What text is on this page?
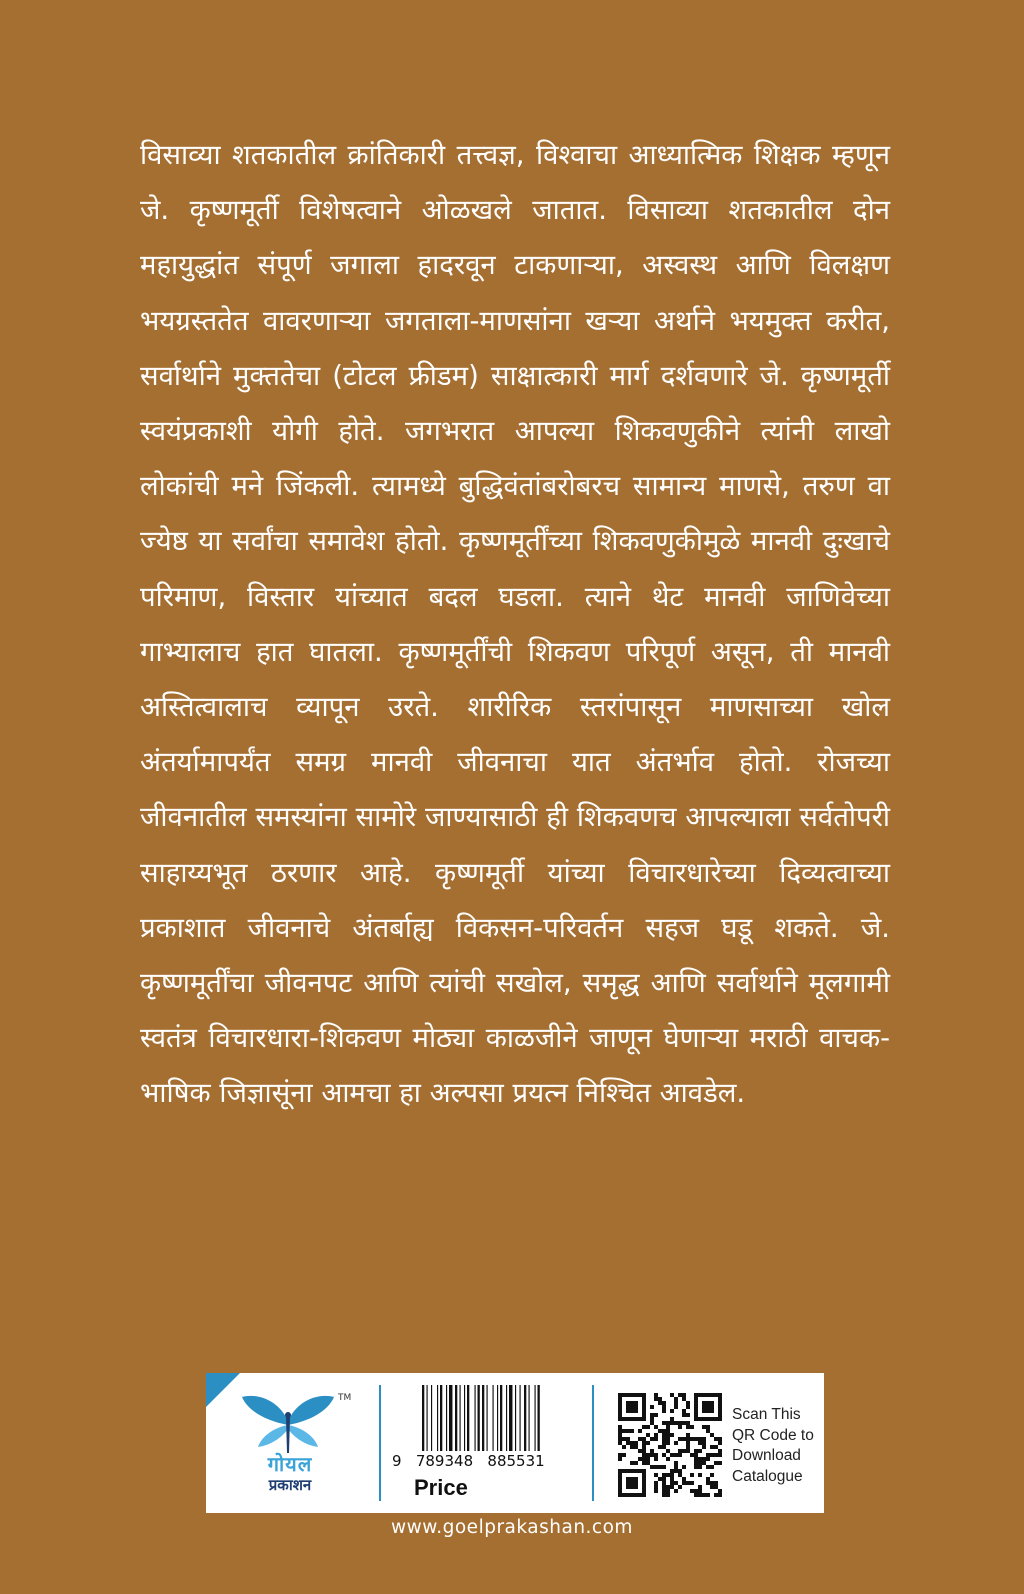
विसाव्या शतकातील क्रांतिकारी तत्त्वज्ञ, विश्वाचा आध्यात्मिक शिक्षक म्हणून जे. कृष्णमूर्ती विशेषत्वाने ओळखले जातात. विसाव्या शतकातील दोन महायुद्धांत संपूर्ण जगाला हादरवून टाकणाऱ्या, अस्वस्थ आणि विलक्षण भयग्रस्ततेत वावरणाऱ्या जगताला-माणसांना खऱ्या अर्थाने भयमुक्त करीत, सर्वार्थाने मुक्ततेचा (टोटल फ्रीडम) साक्षात्कारी मार्ग दर्शवणारे जे. कृष्णमूर्ती स्वयंप्रकाशी योगी होते. जगभरात आपल्या शिकवणुकीने त्यांनी लाखो लोकांची मने जिंकली. त्यामध्ये बुद्धिवंतांबरोबरच सामान्य माणसे, तरुण वा ज्येष्ठ या सर्वांचा समावेश होतो. कृष्णमूर्तींच्या शिकवणुकीमुळे मानवी दुःखाचे परिमाण, विस्तार यांच्यात बदल घडला. त्याने थेट मानवी जाणिवेच्या गाभ्यालाच हात घातला. कृष्णमूर्तींची शिकवण परिपूर्ण असून, ती मानवी अस्तित्वालाच व्यापून उरते. शारीरिक स्तरांपासून माणसाच्या खोल अंतर्यामापर्यंत समग्र मानवी जीवनाचा यात अंतर्भाव होतो. रोजच्या जीवनातील समस्यांना सामोरे जाण्यासाठी ही शिकवणच आपल्याला सर्वतोपरी साहाय्यभूत ठरणार आहे. कृष्णमूर्ती यांच्या विचारधारेच्या दिव्यत्वाच्या प्रकाशात जीवनाचे अंतर्बाह्य विकसन-परिवर्तन सहज घडू शकते. जे. कृष्णमूर्तींचा जीवनपट आणि त्यांची सखोल, समृद्ध आणि सर्वार्थाने मूलगामी स्वतंत्र विचारधारा-शिकवण मोठ्या काळजीने जाणून घेणाऱ्या मराठी वाचक-भाषिक जिज्ञासूंना आमचा हा अल्पसा प्रयत्न निश्चित आवडेल.

TM
गोयल
प्रकाशन
9   789348   885531
Price
Scan This
QR Code to
Download
Catalogue
www.goelprakashan.com
